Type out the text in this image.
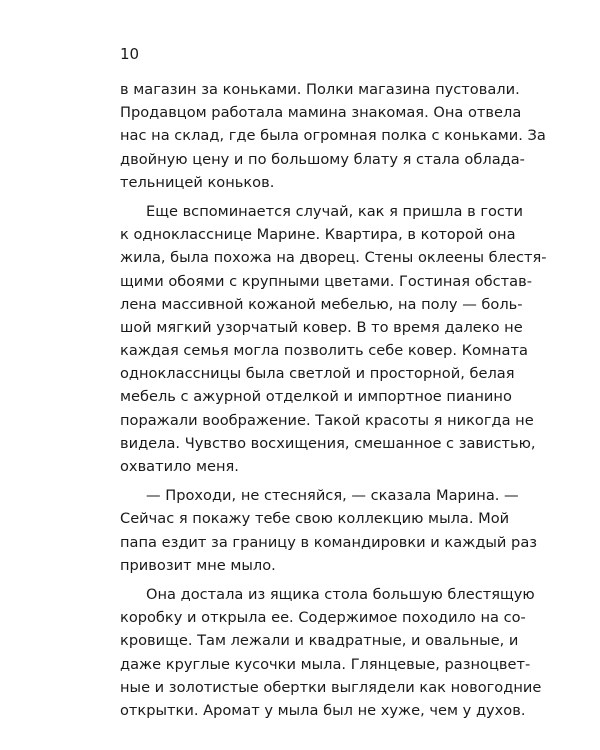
10
в магазин за коньками. Полки магазина пустовали.
Продавцом работала мамина знакомая. Она отвела
нас на склад, где была огромная полка с коньками. За
двойную цену и по большому блату я стала облада-
тельницей коньков.
Еще вспоминается случай, как я пришла в гости
к однокласснице Марине. Квартира, в которой она
жила, была похожа на дворец. Стены оклеены блестя-
щими обоями с крупными цветами. Гостиная обстав-
лена массивной кожаной мебелью, на полу — боль-
шой мягкий узорчатый ковер. В то время далеко не
каждая семья могла позволить себе ковер. Комната
одноклассницы была светлой и просторной, белая
мебель с ажурной отделкой и импортное пианино
поражали воображение. Такой красоты я никогда не
видела. Чувство восхищения, смешанное с завистью,
охватило меня.
— Проходи, не стесняйся, — сказала Марина. —
Сейчас я покажу тебе свою коллекцию мыла. Мой
папа ездит за границу в командировки и каждый раз
привозит мне мыло.
Она достала из ящика стола большую блестящую
коробку и открыла ее. Содержимое походило на со-
кровище. Там лежали и квадратные, и овальные, и
даже круглые кусочки мыла. Глянцевые, разноцвет-
ные и золотистые обертки выглядели как новогодние
открытки. Аромат у мыла был не хуже, чем у духов.
